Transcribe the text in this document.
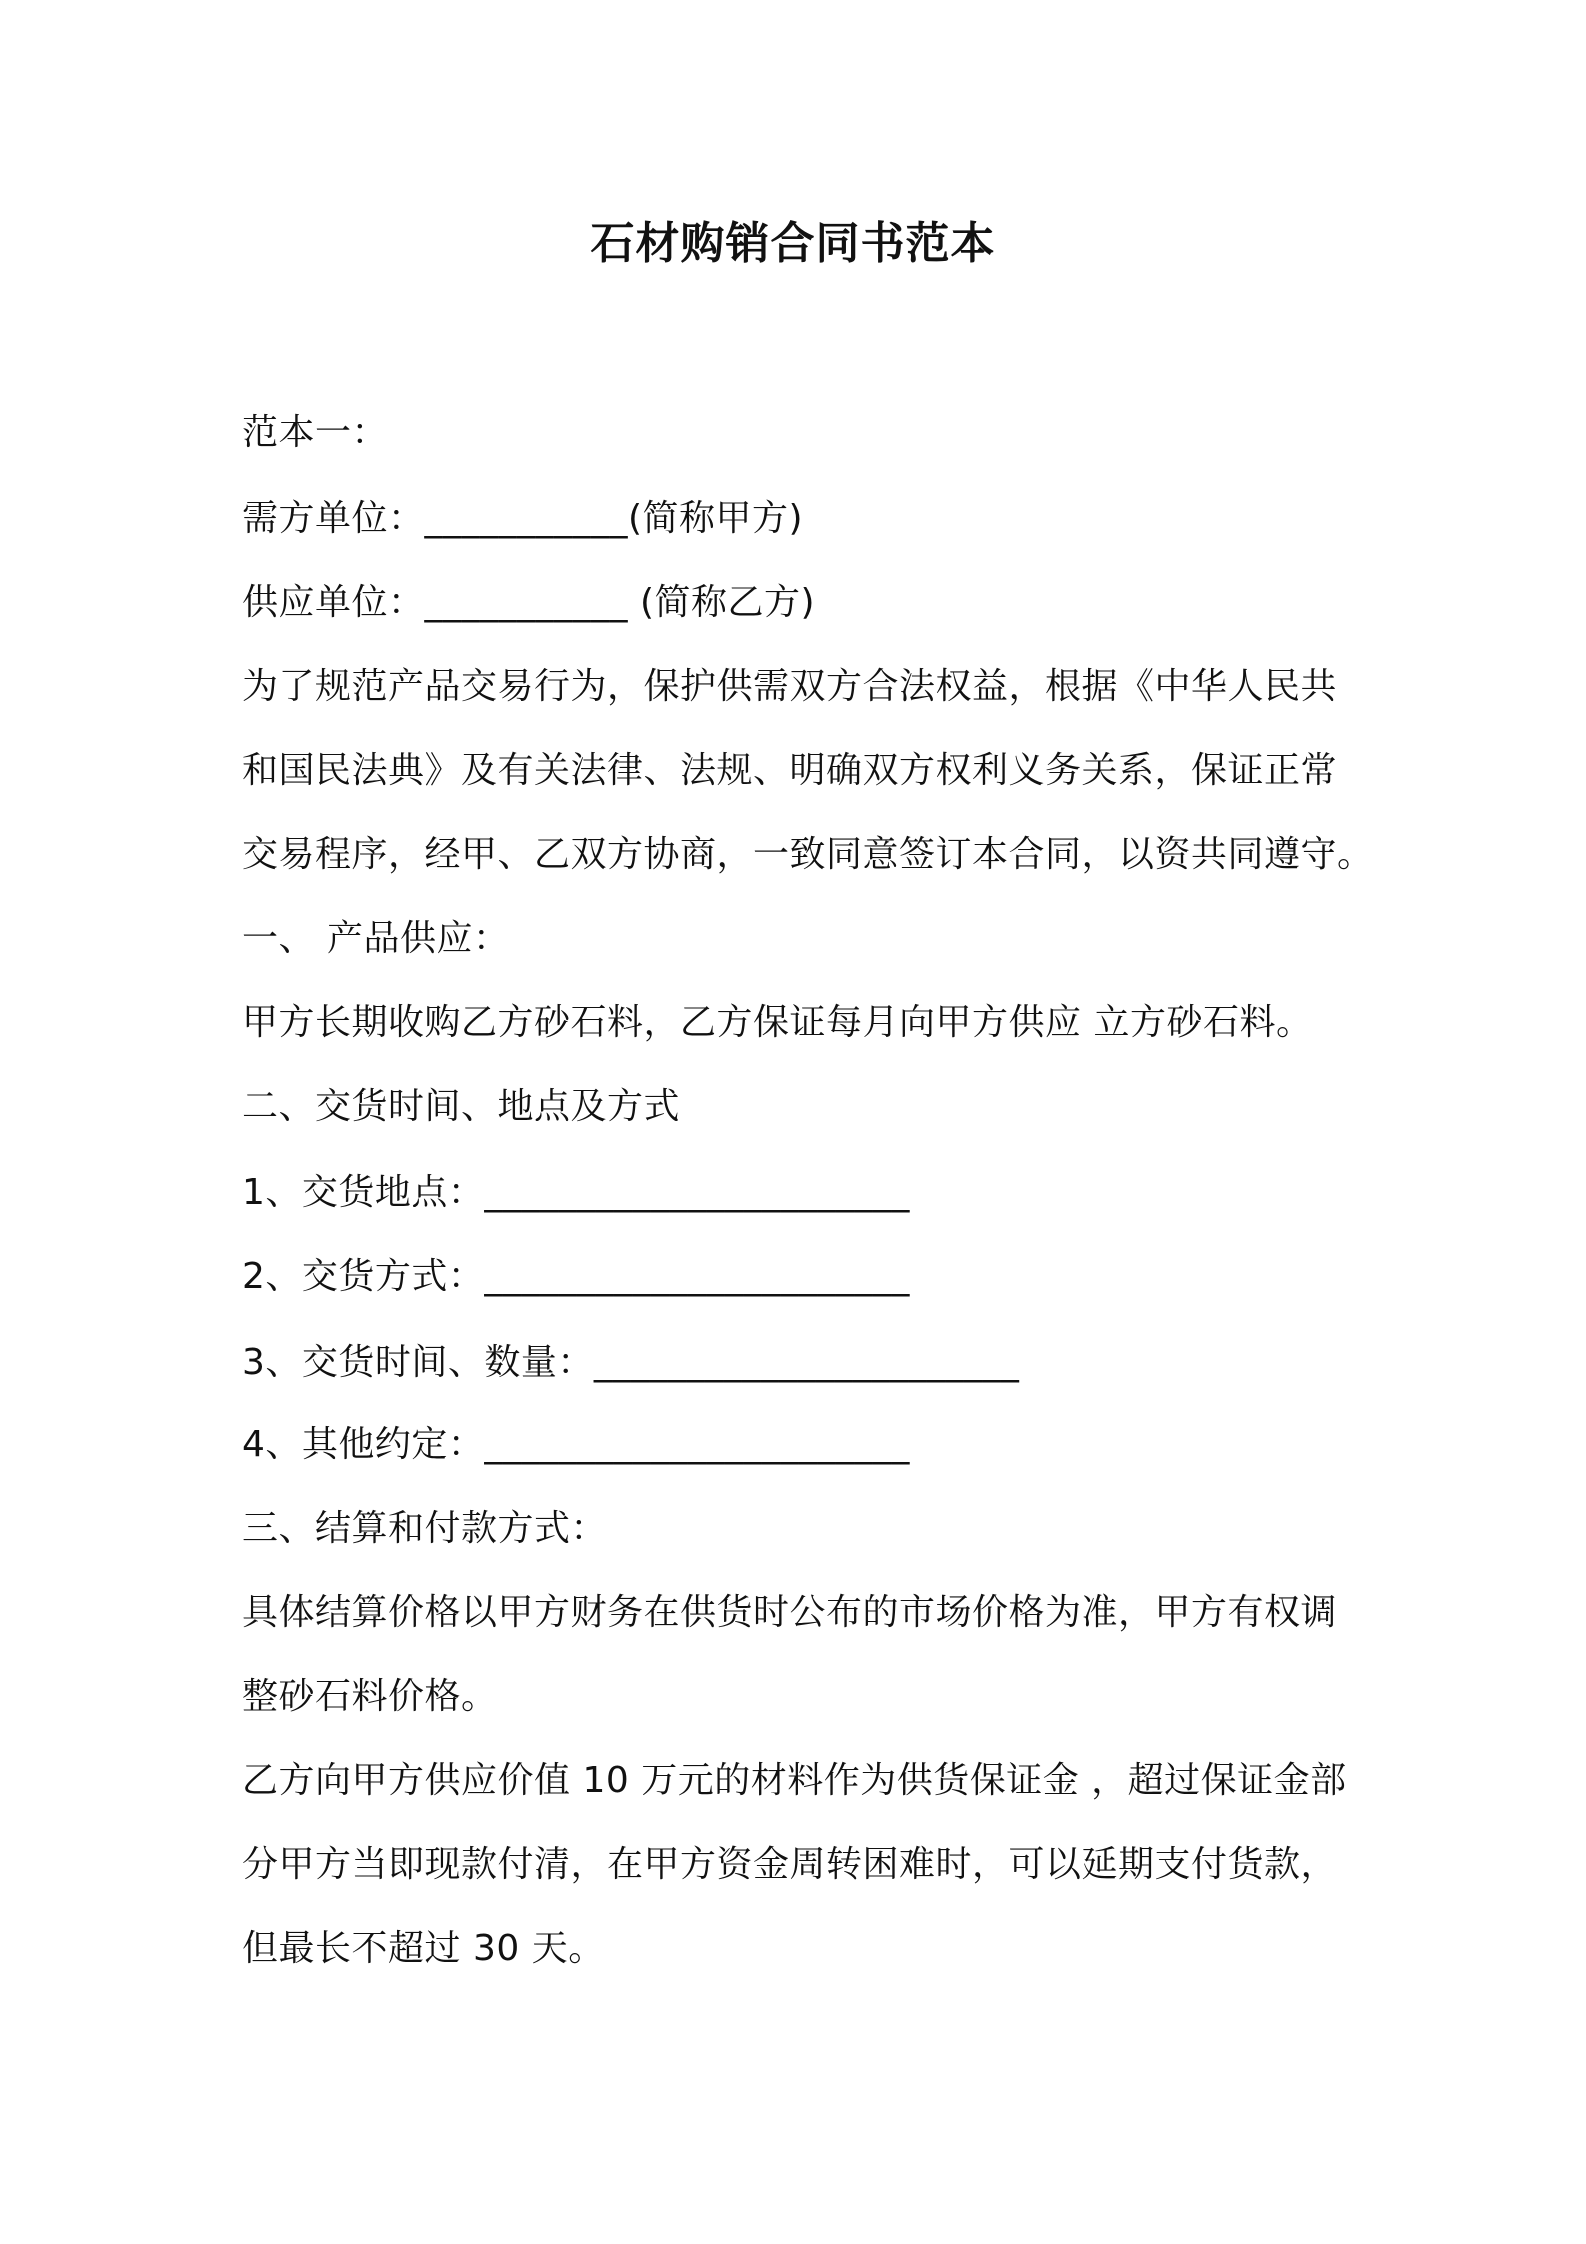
石材购销合同书范本
范本一：
需方单位：___________(简称甲方)
供应单位：___________ (简称乙方)
为了规范产品交易行为，保护供需双方合法权益，根据《中华人民共
和国民法典》及有关法律、法规、明确双方权利义务关系，保证正常
交易程序，经甲、乙双方协商，一致同意签订本合同，以资共同遵守。
一、 产品供应：
甲方长期收购乙方砂石料，乙方保证每月向甲方供应 立方砂石料。
二、交货时间、地点及方式
1、交货地点：_______________________
2、交货方式：_______________________
3、交货时间、数量：_______________________
4、其他约定：_______________________
三、结算和付款方式：
具体结算价格以甲方财务在供货时公布的市场价格为准，甲方有权调
整砂石料价格。
乙方向甲方供应价值 10 万元的材料作为供货保证金 ，超过保证金部
分甲方当即现款付清，在甲方资金周转困难时，可以延期支付货款，
但最长不超过 30 天。
